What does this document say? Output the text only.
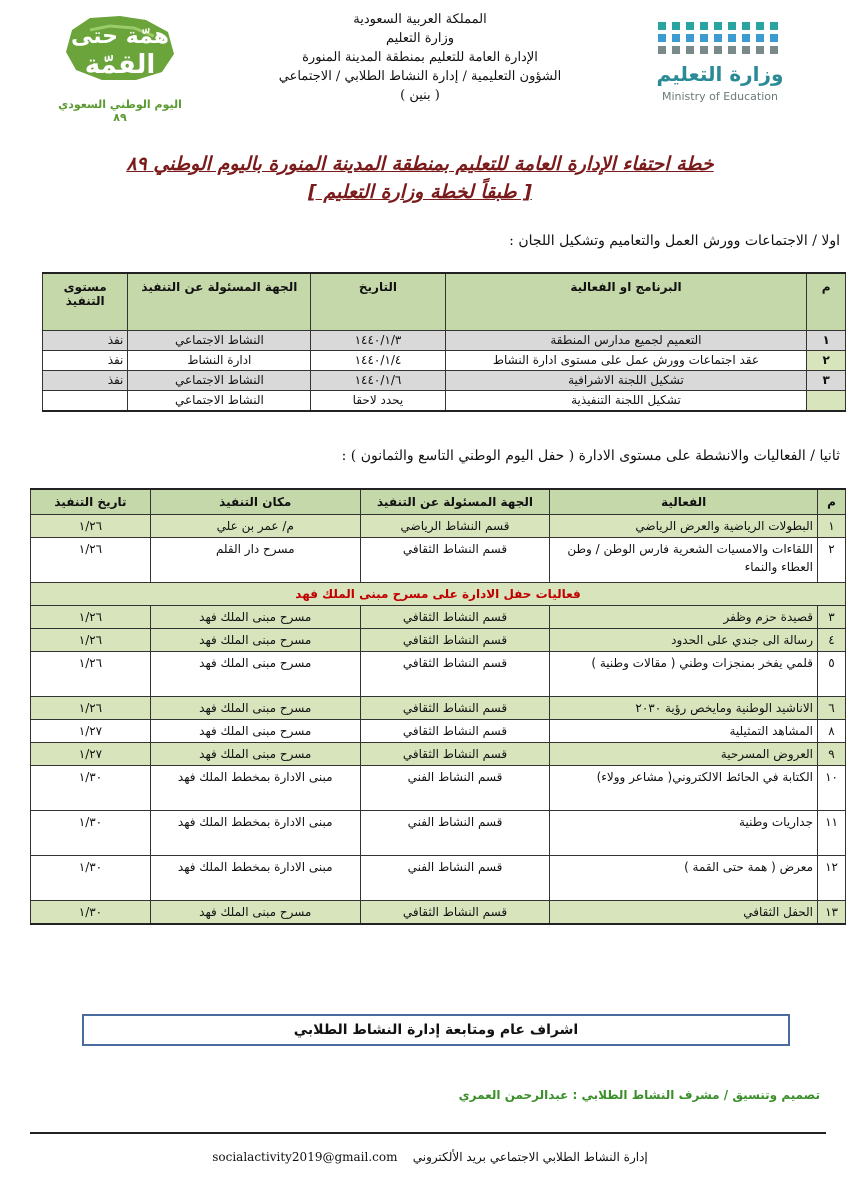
وزارة التعليم
Ministry of Education
همّة حتى
القمّة
اليوم الوطني السعودي ٨٩
المملكة العربية السعودية
وزارة التعليم
الإدارة العامة للتعليم بمنطقة المدينة المنورة
الشؤون التعليمية / إدارة النشاط الطلابي / الاجتماعي
( بنين )
خطة احتفاء الإدارة العامة للتعليم بمنطقة المدينة المنورة باليوم الوطني ٨٩
[ طبقاً لخطة وزارة التعليم ]
اولا / الاجتماعات وورش العمل والتعاميم وتشكيل اللجان :
م	البرنامج او الفعالية	التاريخ	الجهة المسئولة عن التنفيذ	مستوى التنفيذ
١	التعميم لجميع مدارس المنطقة	١٤٤٠/١/٣	النشاط الاجتماعي	نفذ
٢	عقد اجتماعات وورش عمل على مستوى ادارة النشاط	١٤٤٠/١/٤	ادارة النشاط	نفذ
٣	تشكيل اللجنة الاشرافية	١٤٤٠/١/٦	النشاط الاجتماعي	نفذ
	تشكيل اللجنة التنفيذية	يحدد لاحقا	النشاط الاجتماعي	
ثانيا / الفعاليات والانشطة على مستوى الادارة ( حفل اليوم الوطني التاسع والثمانون ) :
م	الفعالية	الجهة المسئولة عن التنفيذ	مكان التنفيذ	تاريخ التنفيذ
١	البطولات الرياضية والعرض الرياضي	قسم النشاط الرياضي	م/ عمر بن علي	١/٢٦
٢	اللقاءات والامسيات الشعرية فارس الوطن / وطن العطاء والنماء	قسم النشاط الثقافي	مسرح دار القلم	١/٢٦
فعاليات حفل الادارة على مسرح مبنى الملك فهد				
٣	قصيدة حزم وظفر	قسم النشاط الثقافي	مسرح مبنى الملك فهد	١/٢٦
٤	رسالة الى جندي على الحدود	قسم النشاط الثقافي	مسرح مبنى الملك فهد	١/٢٦
٥	قلمي يفخر بمنجزات وطني ( مقالات وطنية )	قسم النشاط الثقافي	مسرح مبنى الملك فهد	١/٢٦
٦	الاناشيد الوطنية ومايخص رؤية ٢٠٣٠	قسم النشاط الثقافي	مسرح مبنى الملك فهد	١/٢٦
٨	المشاهد التمثيلية	قسم النشاط الثقافي	مسرح مبنى الملك فهد	١/٢٧
٩	العروض المسرحية	قسم النشاط الثقافي	مسرح مبنى الملك فهد	١/٢٧
١٠	الكتابة في الحائط الالكتروني( مشاعر وولاء)	قسم النشاط الفني	مبنى الادارة بمخطط الملك فهد	١/٣٠
١١	جداريات وطنية	قسم النشاط الفني	مبنى الادارة بمخطط الملك فهد	١/٣٠
١٢	معرض ( همة حتى القمة )	قسم النشاط الفني	مبنى الادارة بمخطط الملك فهد	١/٣٠
١٣	الحفل الثقافي	قسم النشاط الثقافي	مسرح مبنى الملك فهد	١/٣٠
اشراف عام ومتابعة إدارة النشاط الطلابي
تصميم وتنسيق / مشرف النشاط الطلابي : عبدالرحمن العمري
إدارة النشاط الطلابي الاجتماعي بريد الألكتروني    socialactivity2019@gmail.com
